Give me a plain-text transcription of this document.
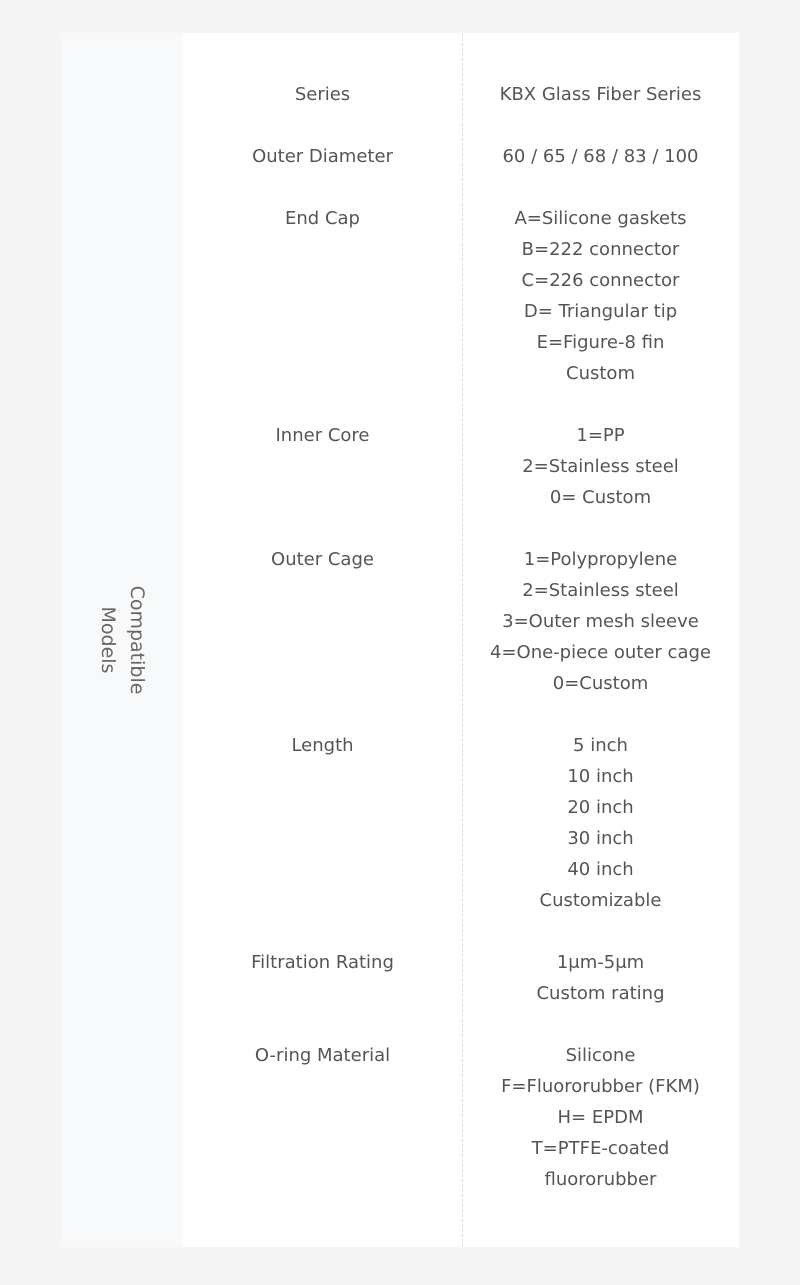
Compatible
Models
Series	KBX Glass Fiber Series
Outer Diameter	60 / 65 / 68 / 83 / 100
End Cap	A=Silicone gaskets
B=222 connector
C=226 connector
D= Triangular tip
E=Figure-8 fin
Custom
Inner Core	1=PP
2=Stainless steel
0= Custom
Outer Cage	1=Polypropylene
2=Stainless steel
3=Outer mesh sleeve
4=One-piece outer cage
0=Custom
Length	5 inch
10 inch
20 inch
30 inch
40 inch
Customizable
Filtration Rating	1μm-5μm
Custom rating
O-ring Material	Silicone
F=Fluororubber (FKM)
H= EPDM
T=PTFE-coated
fluororubber
